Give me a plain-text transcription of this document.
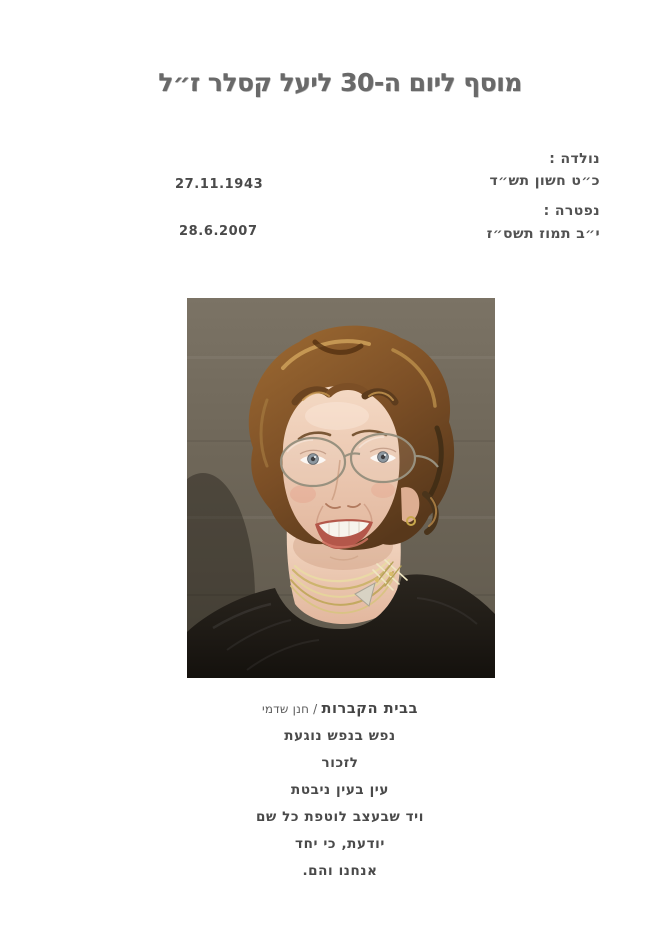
מוסף ליום ה-30 ליעל קסלר ז״ל
נולדה :
כ״ט חשון תש״ד
27.11.1943
נפטרה :
י״ב תמוז תשס״ז
28.6.2007
בבית הקברות / חנן שדמי
נפש בנפש נוגעת
לזכור
עין בעין ניבטת
ויד שבעצב לוטפת כל שם
יודעת, כי יחד
אנחנו והם.
